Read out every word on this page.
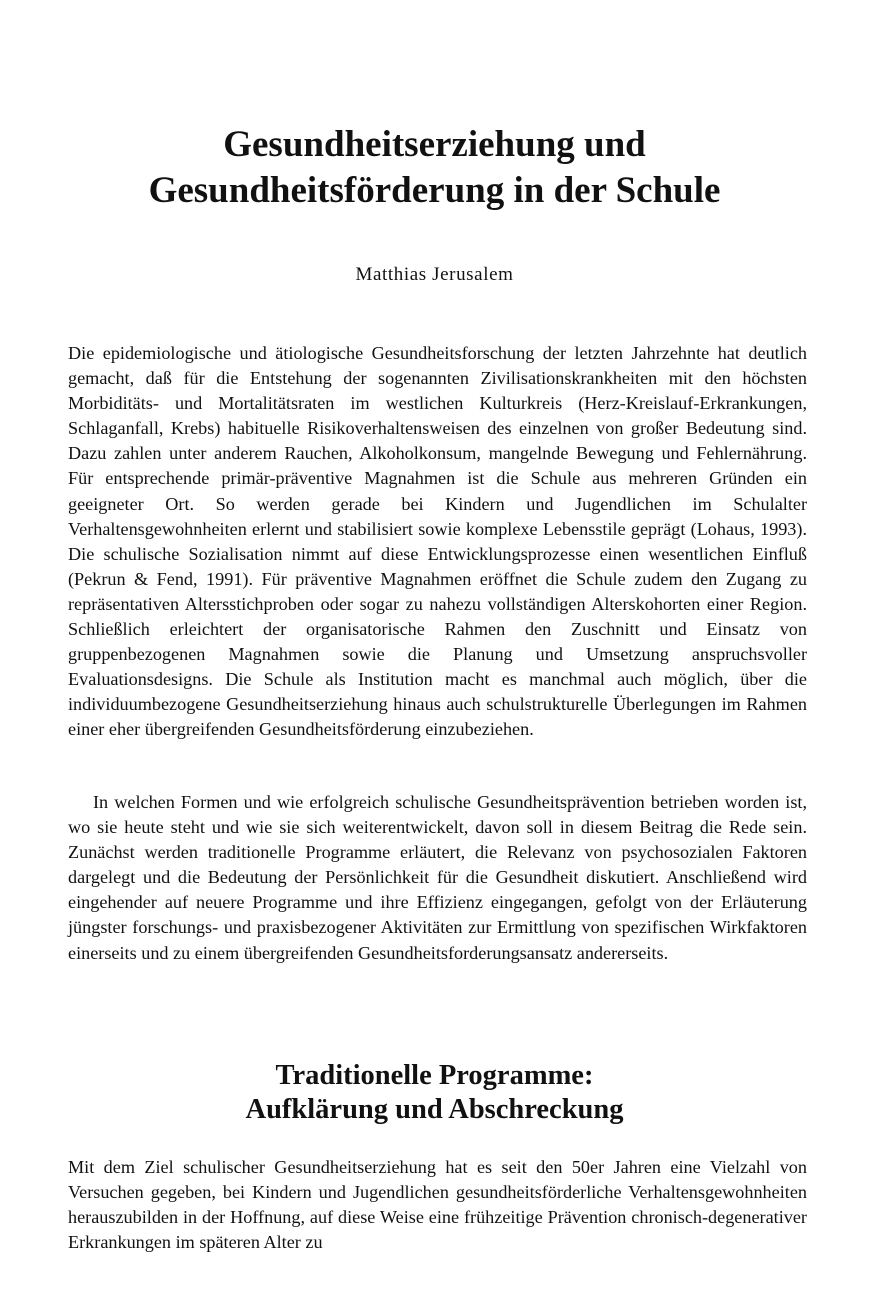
Gesundheitserziehung und
Gesundheitsförderung in der Schule

Matthias Jerusalem

Die epidemiologische und ätiologische Gesundheitsforschung der letzten Jahrzehnte hat deutlich gemacht, daß für die Entstehung der sogenannten Zivilisationskrankheiten mit den höchsten Morbiditäts- und Mortalitätsraten im westlichen Kulturkreis (Herz-Kreislauf-Erkrankungen, Schlaganfall, Krebs) habituelle Risikoverhaltensweisen des einzelnen von großer Bedeutung sind. Dazu zahlen unter anderem Rauchen, Alkoholkonsum, mangelnde Bewegung und Fehlernährung. Für entsprechende primär-präventive Magnahmen ist die Schule aus mehreren Gründen ein geeigneter Ort. So werden gerade bei Kindern und Jugendlichen im Schulalter Verhaltensgewohnheiten erlernt und stabilisiert sowie komplexe Lebensstile geprägt (Lohaus, 1993). Die schulische Sozialisation nimmt auf diese Entwicklungsprozesse einen wesentlichen Einfluß (Pekrun & Fend, 1991). Für präventive Magnahmen eröffnet die Schule zudem den Zugang zu repräsentativen Altersstichproben oder sogar zu nahezu vollständigen Alterskohorten einer Region. Schließlich erleichtert der organisatorische Rahmen den Zuschnitt und Einsatz von gruppenbezogenen Magnahmen sowie die Planung und Umsetzung anspruchsvoller Evaluationsdesigns. Die Schule als Institution macht es manchmal auch möglich, über die individuumbezogene Gesundheitserziehung hinaus auch schulstrukturelle Überlegungen im Rahmen einer eher übergreifenden Gesundheitsförderung einzubeziehen.

In welchen Formen und wie erfolgreich schulische Gesundheitsprävention betrieben worden ist, wo sie heute steht und wie sie sich weiterentwickelt, davon soll in diesem Beitrag die Rede sein. Zunächst werden traditionelle Programme erläutert, die Relevanz von psychosozialen Faktoren dargelegt und die Bedeutung der Persönlichkeit für die Gesundheit diskutiert. Anschließend wird eingehender auf neuere Programme und ihre Effizienz eingegangen, gefolgt von der Erläuterung jüngster forschungs- und praxisbezogener Aktivitäten zur Ermittlung von spezifischen Wirkfaktoren einerseits und zu einem übergreifenden Gesundheitsforderungsansatz andererseits.

Traditionelle Programme:
Aufklärung und Abschreckung

Mit dem Ziel schulischer Gesundheitserziehung hat es seit den 50er Jahren eine Vielzahl von Versuchen gegeben, bei Kindern und Jugendlichen gesundheitsförderliche Verhaltensgewohnheiten herauszubilden in der Hoffnung, auf diese Weise eine frühzeitige Prävention chronisch-degenerativer Erkrankungen im späteren Alter zu
